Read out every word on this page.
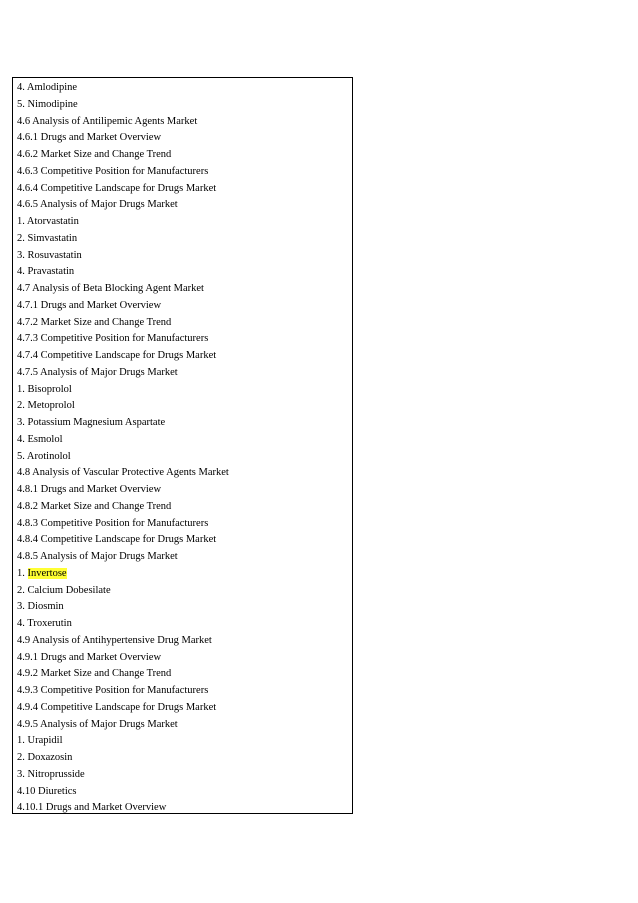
4. Amlodipine
5. Nimodipine
4.6 Analysis of Antilipemic Agents Market
4.6.1 Drugs and Market Overview
4.6.2 Market Size and Change Trend
4.6.3 Competitive Position for Manufacturers
4.6.4 Competitive Landscape for Drugs Market
4.6.5 Analysis of Major Drugs Market
1. Atorvastatin
2. Simvastatin
3. Rosuvastatin
4. Pravastatin
4.7 Analysis of Beta Blocking Agent Market
4.7.1 Drugs and Market Overview
4.7.2 Market Size and Change Trend
4.7.3 Competitive Position for Manufacturers
4.7.4 Competitive Landscape for Drugs Market
4.7.5 Analysis of Major Drugs Market
1. Bisoprolol
2. Metoprolol
3. Potassium Magnesium Aspartate
4. Esmolol
5. Arotinolol
4.8 Analysis of Vascular Protective Agents Market
4.8.1 Drugs and Market Overview
4.8.2 Market Size and Change Trend
4.8.3 Competitive Position for Manufacturers
4.8.4 Competitive Landscape for Drugs Market
4.8.5 Analysis of Major Drugs Market
1. Invertose
2. Calcium Dobesilate
3. Diosmin
4. Troxerutin
4.9 Analysis of Antihypertensive Drug Market
4.9.1 Drugs and Market Overview
4.9.2 Market Size and Change Trend
4.9.3 Competitive Position for Manufacturers
4.9.4 Competitive Landscape for Drugs Market
4.9.5 Analysis of Major Drugs Market
1. Urapidil
2. Doxazosin
3. Nitroprusside
4.10 Diuretics
4.10.1 Drugs and Market Overview
